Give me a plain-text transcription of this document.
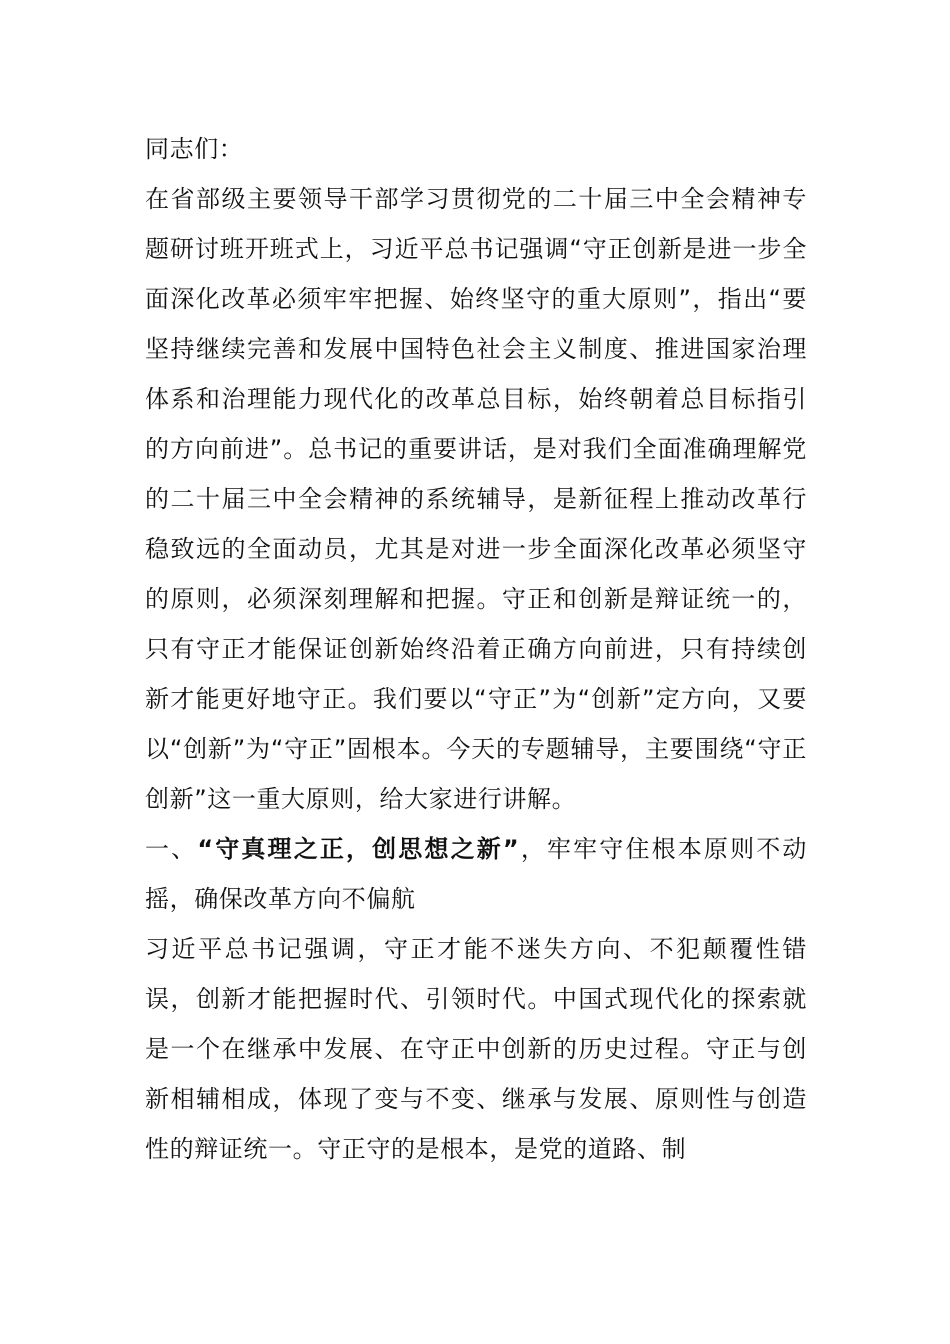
同志们：

在省部级主要领导干部学习贯彻党的二十届三中全会精神专题研讨班开班式上，习近平总书记强调“守正创新是进一步全面深化改革必须牢牢把握、始终坚守的重大原则”，指出“要坚持继续完善和发展中国特色社会主义制度、推进国家治理体系和治理能力现代化的改革总目标，始终朝着总目标指引的方向前进”。总书记的重要讲话，是对我们全面准确理解党的二十届三中全会精神的系统辅导，是新征程上推动改革行稳致远的全面动员，尤其是对进一步全面深化改革必须坚守的原则，必须深刻理解和把握。守正和创新是辩证统一的，只有守正才能保证创新始终沿着正确方向前进，只有持续创新才能更好地守正。我们要以“守正”为“创新”定方向，又要以“创新”为“守正”固根本。今天的专题辅导，主要围绕“守正创新”这一重大原则，给大家进行讲解。

一、“守真理之正，创思想之新”，牢牢守住根本原则不动摇，确保改革方向不偏航

习近平总书记强调，守正才能不迷失方向、不犯颠覆性错误，创新才能把握时代、引领时代。中国式现代化的探索就是一个在继承中发展、在守正中创新的历史过程。守正与创新相辅相成，体现了变与不变、继承与发展、原则性与创造性的辩证统一。守正守的是根本，是党的道路、制
